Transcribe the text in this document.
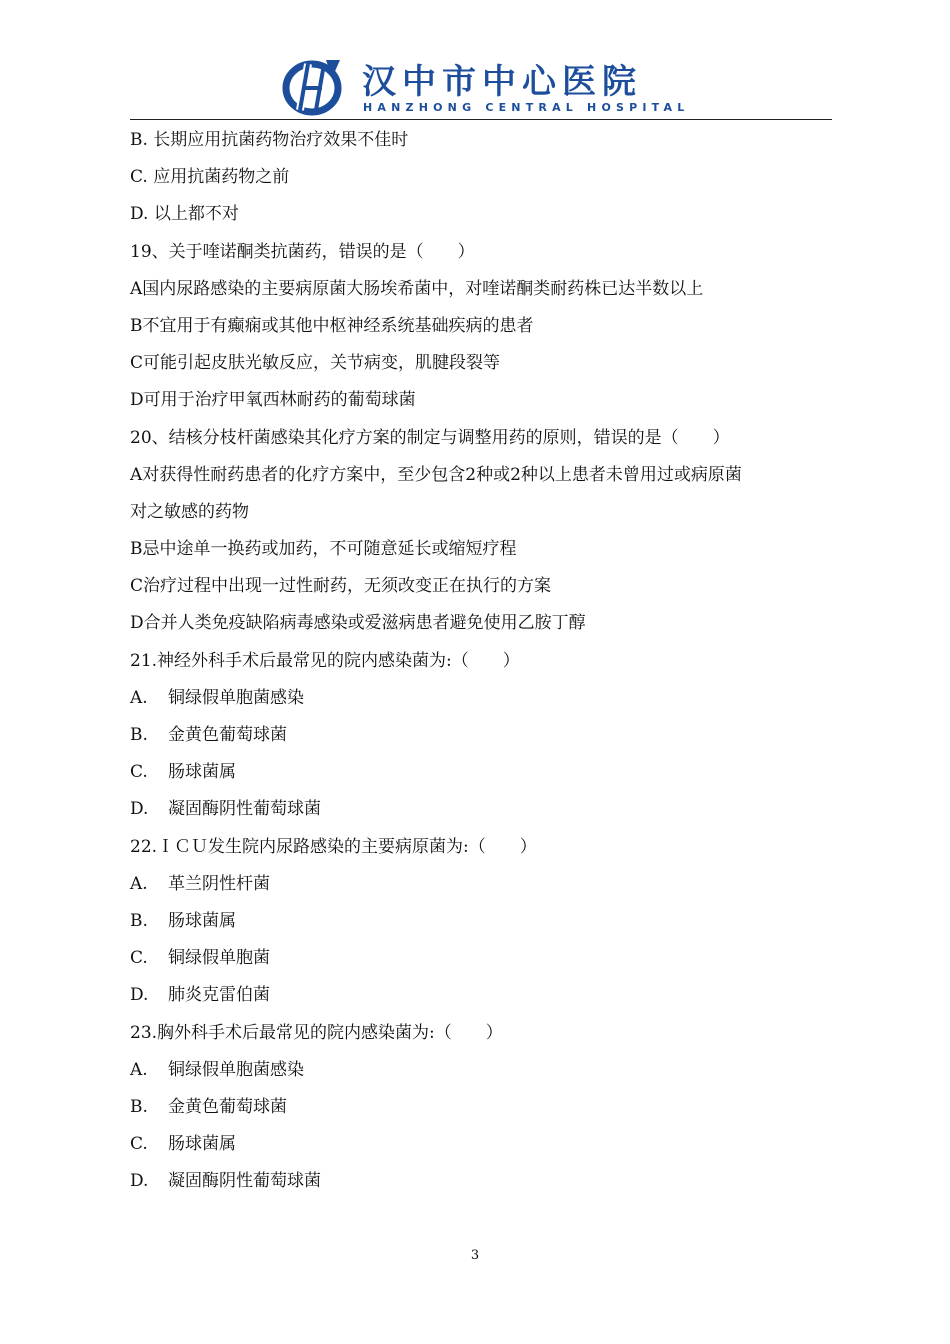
汉中市中心医院
HANZHONG CENTRAL HOSPITAL
B. 长期应用抗菌药物治疗效果不佳时
C. 应用抗菌药物之前
D. 以上都不对
19、关于喹诺酮类抗菌药，错误的是（　　）
A国内尿路感染的主要病原菌大肠埃希菌中，对喹诺酮类耐药株已达半数以上
B不宜用于有癫痫或其他中枢神经系统基础疾病的患者
C可能引起皮肤光敏反应，关节病变，肌腱段裂等
D可用于治疗甲氧西林耐药的葡萄球菌
20、结核分枝杆菌感染其化疗方案的制定与调整用药的原则，错误的是（　　）
A对获得性耐药患者的化疗方案中，至少包含2种或2种以上患者未曾用过或病原菌
对之敏感的药物
B忌中途单一换药或加药，不可随意延长或缩短疗程
C治疗过程中出现一过性耐药，无须改变正在执行的方案
D合并人类免疫缺陷病毒感染或爱滋病患者避免使用乙胺丁醇
21.神经外科手术后最常见的院内感染菌为:（　　）
A. 铜绿假单胞菌感染
B. 金黄色葡萄球菌
C. 肠球菌属
D. 凝固酶阴性葡萄球菌
22.ＩＣＵ发生院内尿路感染的主要病原菌为:（　　）
A. 革兰阴性杆菌
B. 肠球菌属
C. 铜绿假单胞菌
D. 肺炎克雷伯菌
23.胸外科手术后最常见的院内感染菌为:（　　）
A. 铜绿假单胞菌感染
B. 金黄色葡萄球菌
C. 肠球菌属
D. 凝固酶阴性葡萄球菌
3
